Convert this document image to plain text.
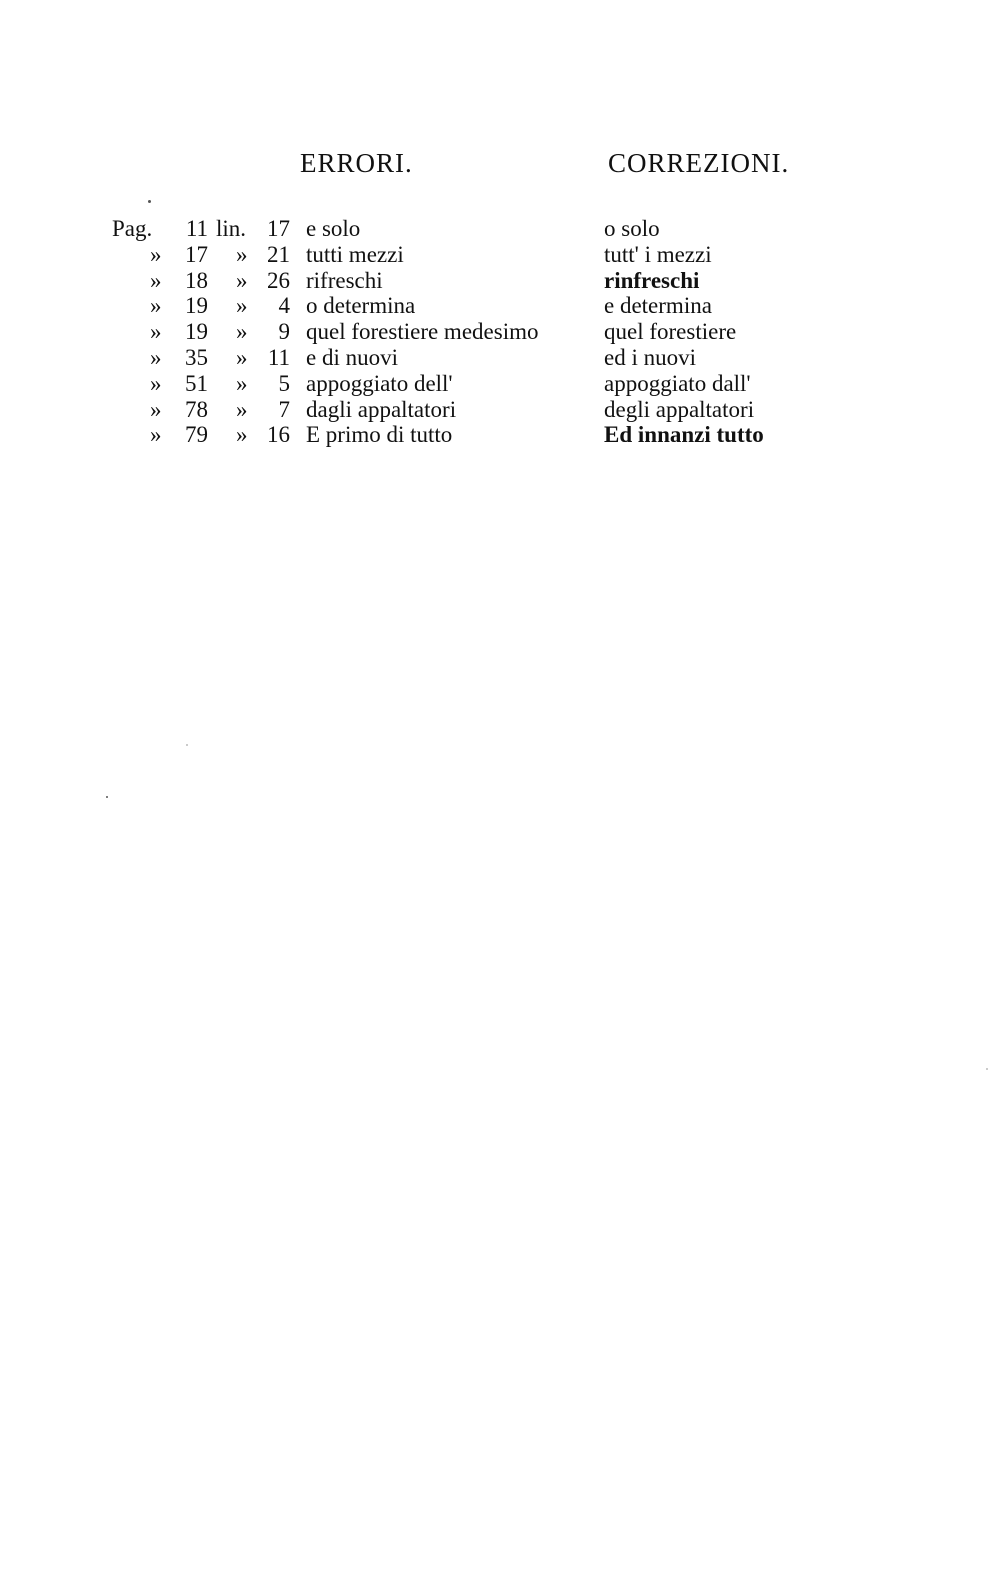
ERRORI.	CORREZIONI.
Pag.	11 lin. 17 e solo	o solo
»	17 » 21 tutti mezzi	tutt' i mezzi
»	18 » 26 rifreschi	rinfreschi
»	19 »	4 o determina	e determina
»	19 »	9 quel forestiere medesimo	quel forestiere
»	35 » 11 e di nuovi	ed i nuovi
»	51 »	5 appoggiato dell'	appoggiato dall'
»	78 »	7 dagli appaltatori	degli appaltatori
»	79 » 16 E primo di tutto	Ed innanzi tutto
